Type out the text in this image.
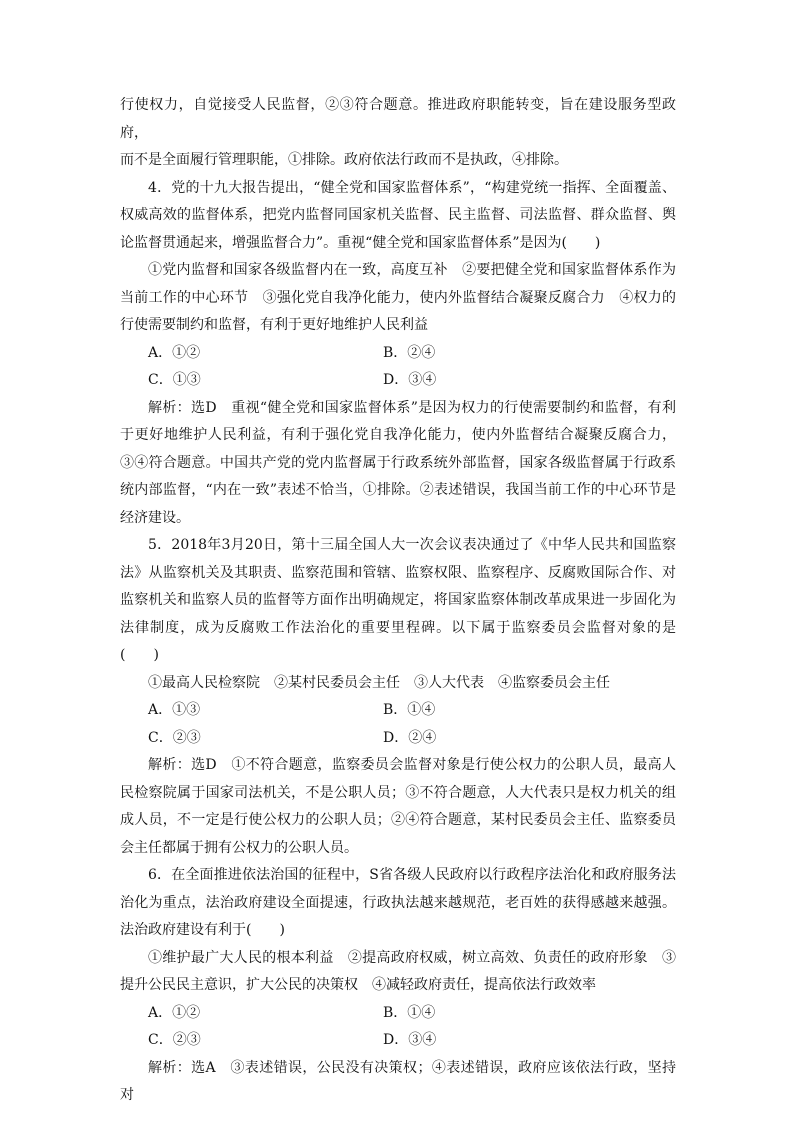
行使权力，自觉接受人民监督，②③符合题意。推进政府职能转变，旨在建设服务型政府，
而不是全面履行管理职能，①排除。政府依法行政而不是执政，④排除。

4．党的十九大报告提出，“健全党和国家监督体系”，“构建党统一指挥、全面覆盖、权威高效的监督体系，把党内监督同国家机关监督、民主监督、司法监督、群众监督、舆论监督贯通起来，增强监督合力”。重视“健全党和国家监督体系”是因为(　　)

①党内监督和国家各级监督内在一致，高度互补　②要把健全党和国家监督体系作为当前工作的中心环节　③强化党自我净化能力，使内外监督结合凝聚反腐合力　④权力的行使需要制约和监督，有利于更好地维护人民利益

A．①②	B．②④
C．①③	D．③④

解析：选D　重视“健全党和国家监督体系”是因为权力的行使需要制约和监督，有利于更好地维护人民利益，有利于强化党自我净化能力，使内外监督结合凝聚反腐合力，③④符合题意。中国共产党的党内监督属于行政系统外部监督，国家各级监督属于行政系统内部监督，“内在一致”表述不恰当，①排除。②表述错误，我国当前工作的中心环节是经济建设。

5．2018年3月20日，第十三届全国人大一次会议表决通过了《中华人民共和国监察法》从监察机关及其职责、监察范围和管辖、监察权限、监察程序、反腐败国际合作、对监察机关和监察人员的监督等方面作出明确规定，将国家监察体制改革成果进一步固化为法律制度，成为反腐败工作法治化的重要里程碑。以下属于监察委员会监督对象的是(　　)

①最高人民检察院　②某村民委员会主任　③人大代表　④监察委员会主任

A．①③	B．①④
C．②③	D．②④

解析：选D　①不符合题意，监察委员会监督对象是行使公权力的公职人员，最高人民检察院属于国家司法机关，不是公职人员；③不符合题意，人大代表只是权力机关的组成人员，不一定是行使公权力的公职人员；②④符合题意，某村民委员会主任、监察委员会主任都属于拥有公权力的公职人员。

6．在全面推进依法治国的征程中，S省各级人民政府以行政程序法治化和政府服务法治化为重点，法治政府建设全面提速，行政执法越来越规范，老百姓的获得感越来越强。法治政府建设有利于(　　)

①维护最广大人民的根本利益　②提高政府权威，树立高效、负责任的政府形象　③提升公民民主意识，扩大公民的决策权　④减轻政府责任，提高依法行政效率

A．①②	B．①④
C．②③	D．③④

解析：选A　③表述错误，公民没有决策权；④表述错误，政府应该依法行政，坚持对
